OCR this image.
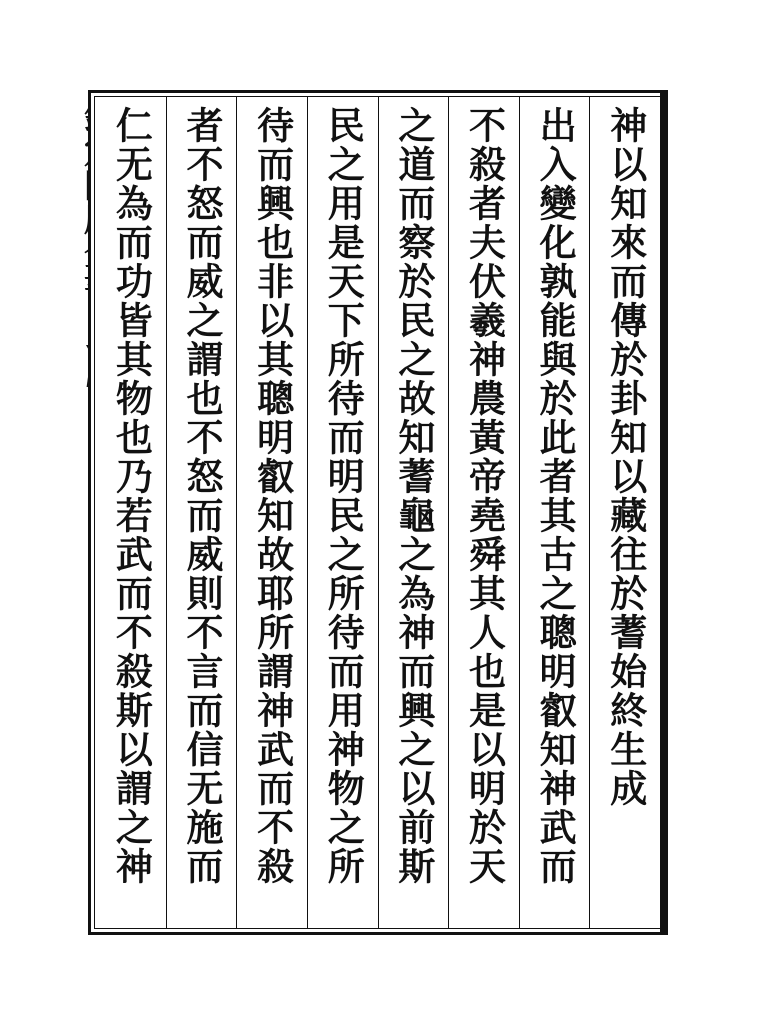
神以知來而傳於卦知以藏往於蓍始終生成
出入變化孰能與於此者其古之聰明叡知神武而
不殺者夫伏羲神農黃帝堯舜其人也是以明於天
之道而察於民之故知蓍龜之為神而興之以前斯
民之用是天下所待而明民之所待而用神物之所
待而興也非以其聰明叡知故耶所謂神武而不殺
者不怒而威之謂也不怒而威則不言而信无施而
仁无為而功皆其物也乃若武而不殺斯以謂之神
